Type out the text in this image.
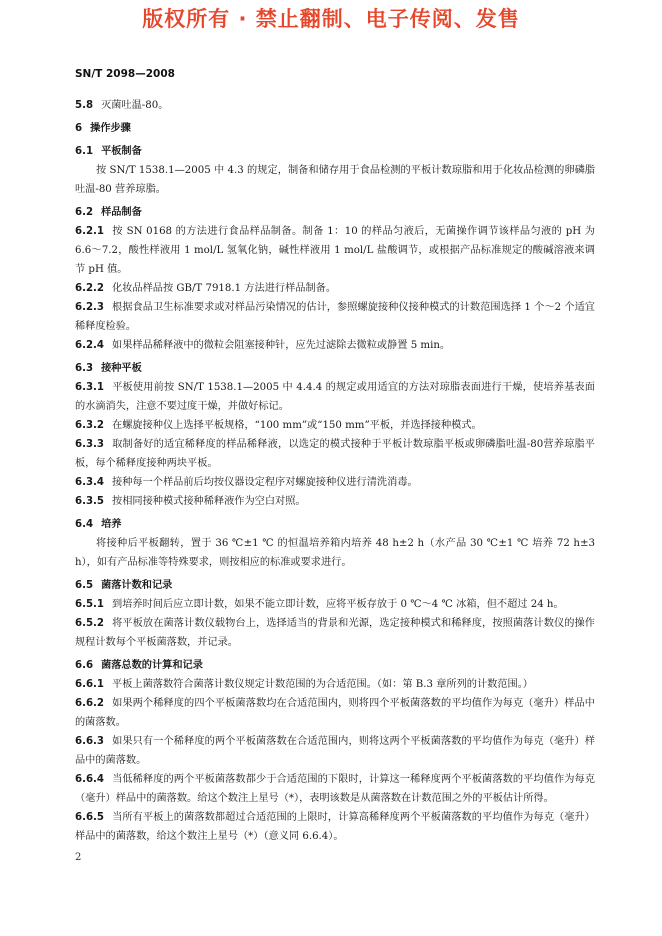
版权所有 · 禁止翻制、电子传阅、发售
SN/T 2098—2008

5.8 灭菌吐温-80。

6 操作步骤

6.1 平板制备

按 SN/T 1538.1—2005 中 4.3 的规定，制备和储存用于食品检测的平板计数琼脂和用于化妆品检测的卵磷脂吐温-80 营养琼脂。

6.2 样品制备

6.2.1 按 SN 0168 的方法进行食品样品制备。制备 1：10 的样品匀液后，无菌操作调节该样品匀液的 pH 为 6.6～7.2，酸性样液用 1 mol/L 氢氧化钠，碱性样液用 1 mol/L 盐酸调节，或根据产品标准规定的酸碱溶液来调节 pH 值。

6.2.2 化妆品样品按 GB/T 7918.1 方法进行样品制备。

6.2.3 根据食品卫生标准要求或对样品污染情况的估计，参照螺旋接种仪接种模式的计数范围选择 1 个～2 个适宜稀释度检验。

6.2.4 如果样品稀释液中的微粒会阻塞接种针，应先过滤除去微粒或静置 5 min。

6.3 接种平板

6.3.1 平板使用前按 SN/T 1538.1—2005 中 4.4.4 的规定或用适宜的方法对琼脂表面进行干燥，使培养基表面的水滴消失，注意不要过度干燥，并做好标记。

6.3.2 在螺旋接种仪上选择平板规格，“100 mm”或“150 mm”平板，并选择接种模式。

6.3.3 取制备好的适宜稀释度的样品稀释液，以选定的模式接种于平板计数琼脂平板或卵磷脂吐温-80营养琼脂平板，每个稀释度接种两块平板。

6.3.4 接种每一个样品前后均按仪器设定程序对螺旋接种仪进行清洗消毒。

6.3.5 按相同接种模式接种稀释液作为空白对照。

6.4 培养

将接种后平板翻转，置于 36 ℃±1 ℃ 的恒温培养箱内培养 48 h±2 h（水产品 30 ℃±1 ℃ 培养 72 h±3 h），如有产品标准等特殊要求，则按相应的标准或要求进行。

6.5 菌落计数和记录

6.5.1 到培养时间后应立即计数，如果不能立即计数，应将平板存放于 0 ℃～4 ℃ 冰箱，但不超过 24 h。

6.5.2 将平板放在菌落计数仪载物台上，选择适当的背景和光源，选定接种模式和稀释度，按照菌落计数仪的操作规程计数每个平板菌落数，并记录。

6.6 菌落总数的计算和记录

6.6.1 平板上菌落数符合菌落计数仪规定计数范围的为合适范围。（如：第 B.3 章所列的计数范围。）

6.6.2 如果两个稀释度的四个平板菌落数均在合适范围内，则将四个平板菌落数的平均值作为每克（毫升）样品中的菌落数。

6.6.3 如果只有一个稀释度的两个平板菌落数在合适范围内，则将这两个平板菌落数的平均值作为每克（毫升）样品中的菌落数。

6.6.4 当低稀释度的两个平板菌落数都少于合适范围的下限时，计算这一稀释度两个平板菌落数的平均值作为每克（毫升）样品中的菌落数。给这个数注上星号（*），表明该数是从菌落数在计数范围之外的平板估计所得。

6.6.5 当所有平板上的菌落数都超过合适范围的上限时，计算高稀释度两个平板菌落数的平均值作为每克（毫升）样品中的菌落数，给这个数注上星号（*）（意义同 6.6.4）。

2
